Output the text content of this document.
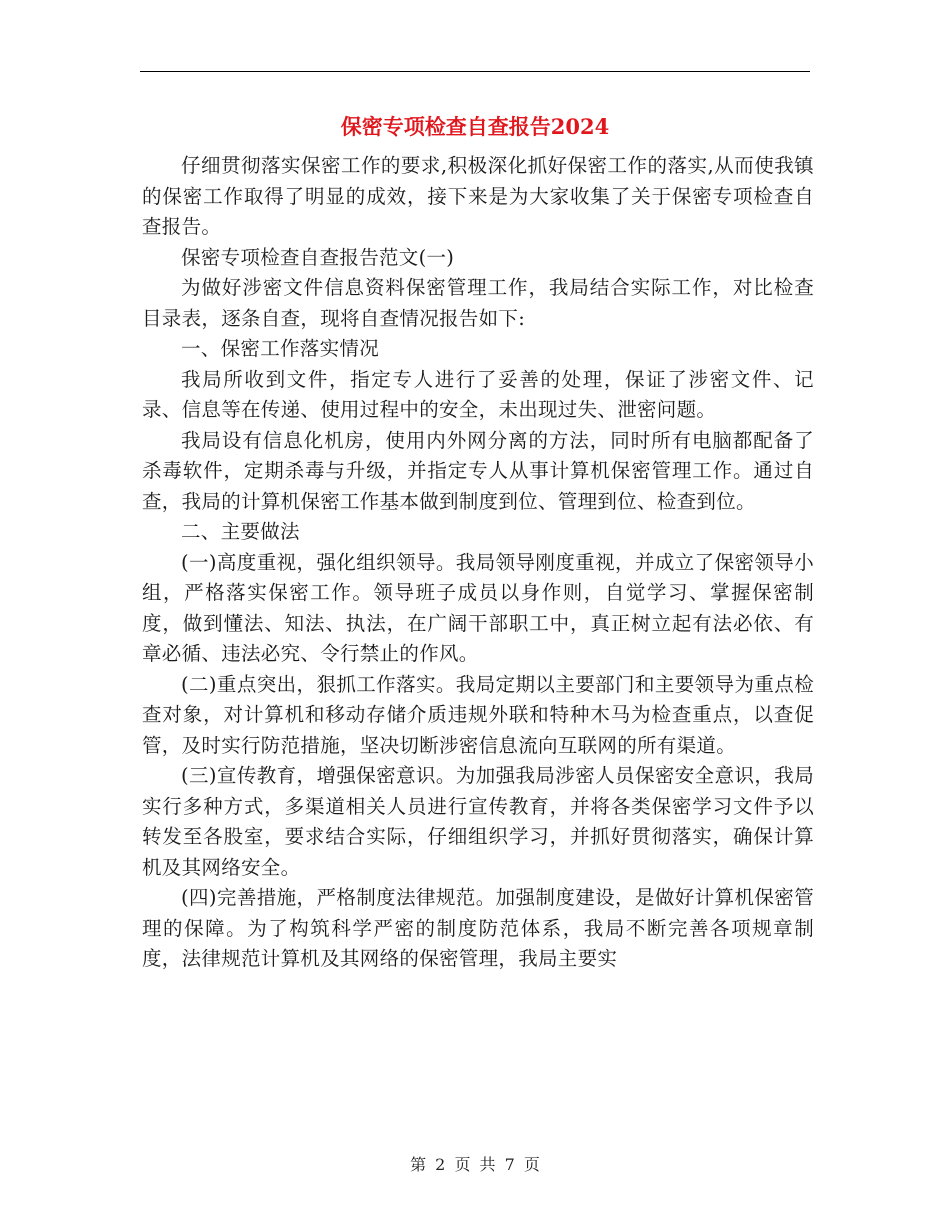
保密专项检查自查报告2024

仔细贯彻落实保密工作的要求,积极深化抓好保密工作的落实,从而使我镇的保密工作取得了明显的成效，接下来是为大家收集了关于保密专项检查自查报告。

保密专项检查自查报告范文(一)

为做好涉密文件信息资料保密管理工作，我局结合实际工作，对比检查目录表，逐条自查，现将自查情况报告如下:

一、保密工作落实情况

我局所收到文件，指定专人进行了妥善的处理，保证了涉密文件、记录、信息等在传递、使用过程中的安全，未出现过失、泄密问题。

我局设有信息化机房，使用内外网分离的方法，同时所有电脑都配备了杀毒软件，定期杀毒与升级，并指定专人从事计算机保密管理工作。通过自查，我局的计算机保密工作基本做到制度到位、管理到位、检查到位。

二、主要做法

(一)高度重视，强化组织领导。我局领导刚度重视，并成立了保密领导小组，严格落实保密工作。领导班子成员以身作则，自觉学习、掌握保密制度，做到懂法、知法、执法，在广阔干部职工中，真正树立起有法必依、有章必循、违法必究、令行禁止的作风。

(二)重点突出，狠抓工作落实。我局定期以主要部门和主要领导为重点检查对象，对计算机和移动存储介质违规外联和特种木马为检查重点，以查促管，及时实行防范措施，坚决切断涉密信息流向互联网的所有渠道。

(三)宣传教育，增强保密意识。为加强我局涉密人员保密安全意识，我局实行多种方式，多渠道相关人员进行宣传教育，并将各类保密学习文件予以转发至各股室，要求结合实际，仔细组织学习，并抓好贯彻落实，确保计算机及其网络安全。

(四)完善措施，严格制度法律规范。加强制度建设，是做好计算机保密管理的保障。为了构筑科学严密的制度防范体系，我局不断完善各项规章制度，法律规范计算机及其网络的保密管理，我局主要实

第 2 页 共 7 页
